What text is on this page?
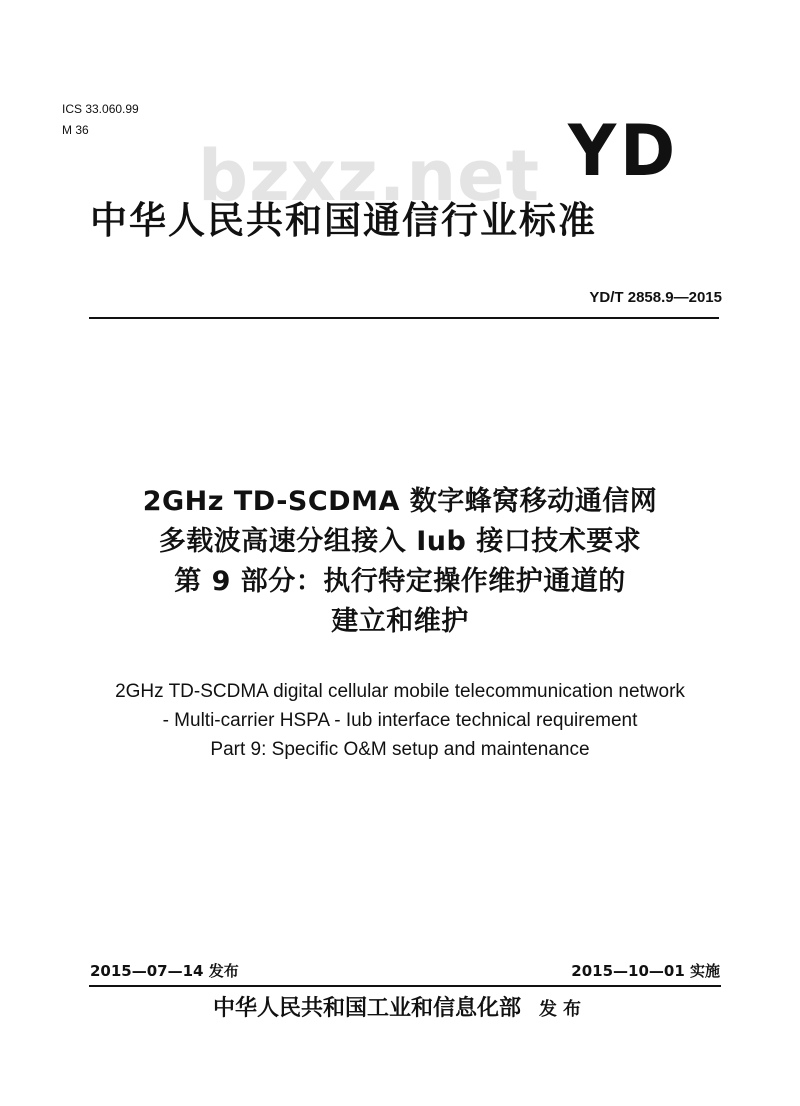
ICS 33.060.99
M 36
bzxz.net YD
中华人民共和国通信行业标准
YD/T 2858.9—2015
2GHz TD-SCDMA 数字蜂窝移动通信网
多载波高速分组接入 Iub 接口技术要求
第 9 部分：执行特定操作维护通道的
建立和维护
2GHz TD-SCDMA digital cellular mobile telecommunication network
- Multi-carrier HSPA - Iub interface technical requirement
Part 9: Specific O&M setup and maintenance
2015—07—14 发布	2015—10—01 实施
中华人民共和国工业和信息化部 发布
